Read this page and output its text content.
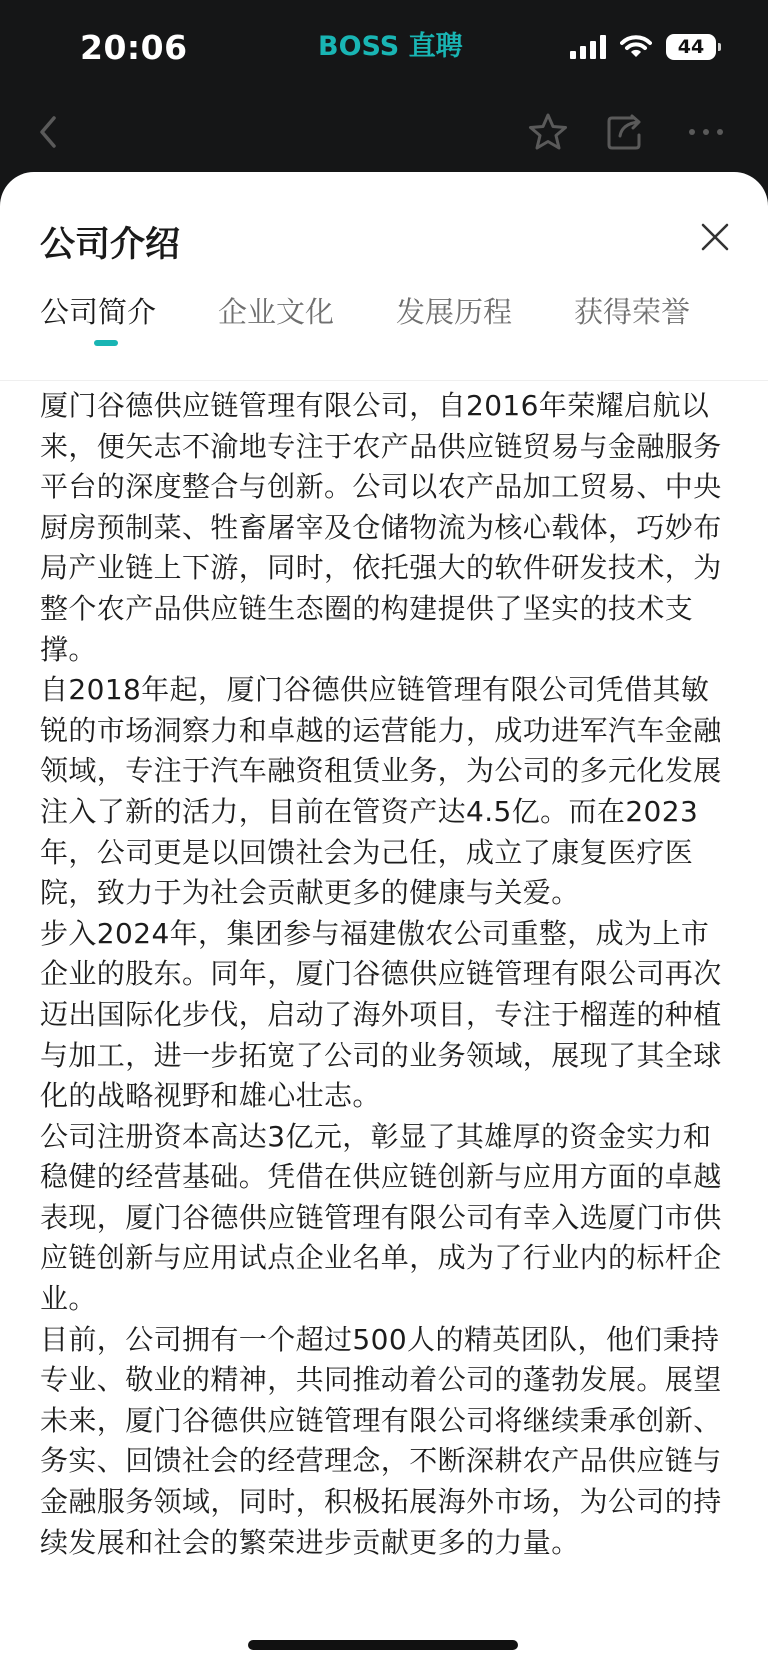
20:06	BOSS 直聘	44
公司介绍
公司简介 企业文化 发展历程 获得荣誉

厦门谷德供应链管理有限公司，自2016年荣耀启航以来，便矢志不渝地专注于农产品供应链贸易与金融服务平台的深度整合与创新。公司以农产品加工贸易、中央厨房预制菜、牲畜屠宰及仓储物流为核心载体，巧妙布局产业链上下游，同时，依托强大的软件研发技术，为整个农产品供应链生态圈的构建提供了坚实的技术支撑。

自2018年起，厦门谷德供应链管理有限公司凭借其敏锐的市场洞察力和卓越的运营能力，成功进军汽车金融领域，专注于汽车融资租赁业务，为公司的多元化发展注入了新的活力，目前在管资产达4.5亿。而在2023年，公司更是以回馈社会为己任，成立了康复医疗医院，致力于为社会贡献更多的健康与关爱。

步入2024年，集团参与福建傲农公司重整，成为上市企业的股东。同年，厦门谷德供应链管理有限公司再次迈出国际化步伐，启动了海外项目，专注于榴莲的种植与加工，进一步拓宽了公司的业务领域，展现了其全球化的战略视野和雄心壮志。

公司注册资本高达3亿元，彰显了其雄厚的资金实力和稳健的经营基础。凭借在供应链创新与应用方面的卓越表现，厦门谷德供应链管理有限公司有幸入选厦门市供应链创新与应用试点企业名单，成为了行业内的标杆企业。

目前，公司拥有一个超过500人的精英团队，他们秉持专业、敬业的精神，共同推动着公司的蓬勃发展。展望未来，厦门谷德供应链管理有限公司将继续秉承创新、务实、回馈社会的经营理念，不断深耕农产品供应链与金融服务领域，同时，积极拓展海外市场，为公司的持续发展和社会的繁荣进步贡献更多的力量。
